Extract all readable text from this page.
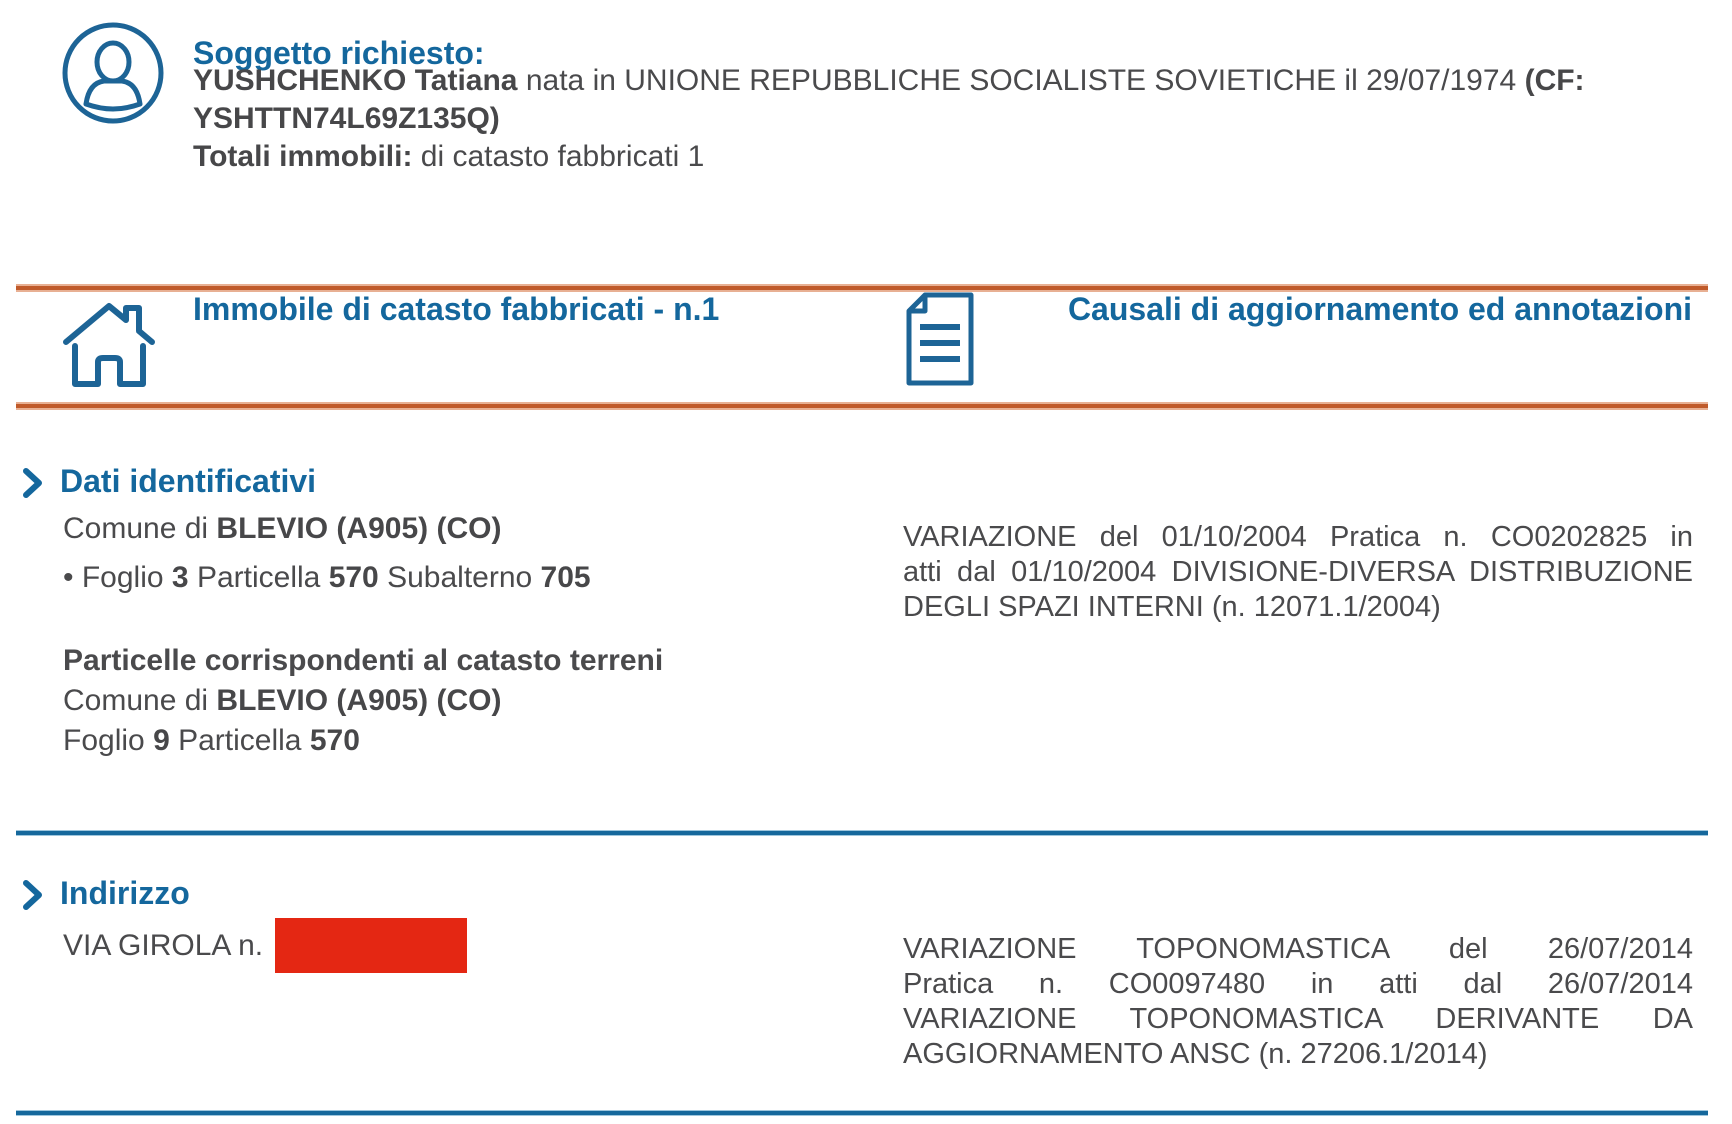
Soggetto richiesto:

YUSHCHENKO Tatiana nata in UNIONE REPUBBLICHE SOCIALISTE SOVIETICHE il 29/07/1974 (CF: YSHTTN74L69Z135Q)

Totali immobili: di catasto fabbricati 1

Immobile di catasto fabbricati - n.1	Causali di aggiornamento ed annotazioni
Dati identificativi

Comune di BLEVIO (A905) (CO)

• Foglio 3 Particella 570 Subalterno 705

VARIAZIONE del 01/10/2004 Pratica n. CO0202825 in
atti dal 01/10/2004 DIVISIONE-DIVERSA DISTRIBUZIONE
DEGLI SPAZI INTERNI (n. 12071.1/2004)

Particelle corrispondenti al catasto terreni

Comune di BLEVIO (A905) (CO)

Foglio 9 Particella 570

Indirizzo
VIA GIROLA n.	VARIAZIONE TOPONOMASTICA del 26/07/2014
Pratica n. CO0097480 in atti dal 26/07/2014
VARIAZIONE TOPONOMASTICA DERIVANTE DA
AGGIORNAMENTO ANSC (n. 27206.1/2014)
